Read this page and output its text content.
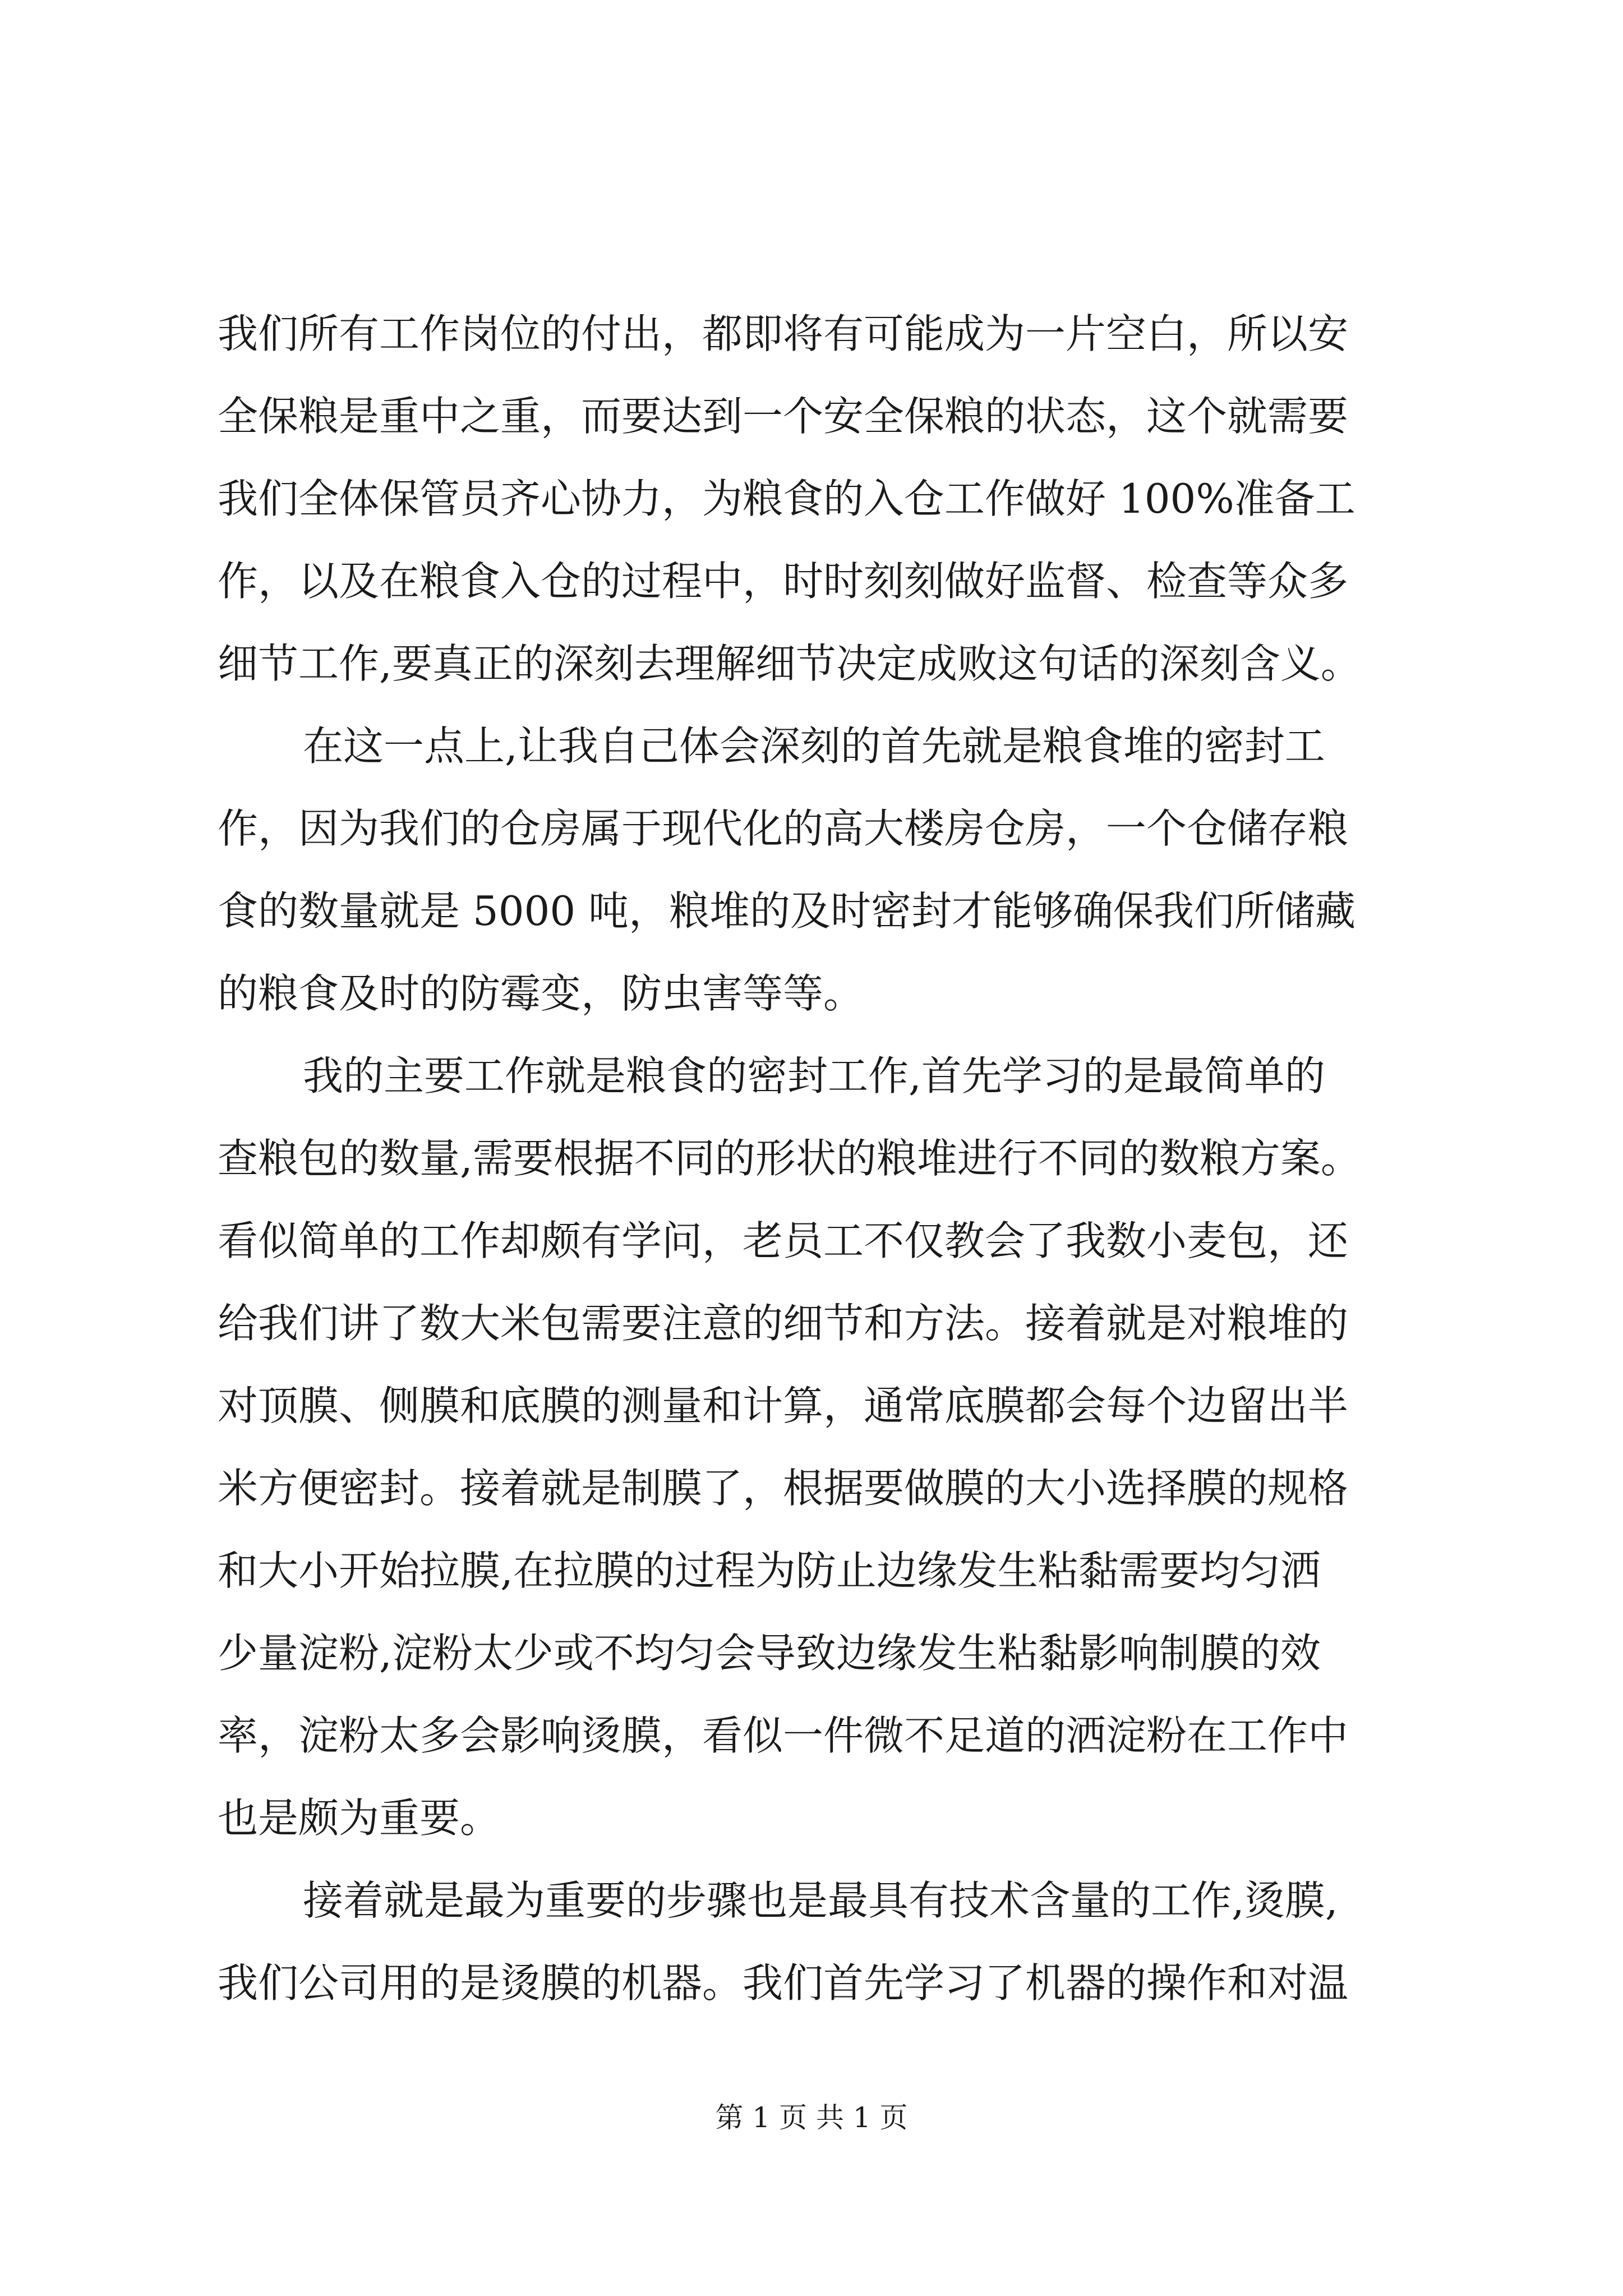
我们所有工作岗位的付出，都即将有可能成为一片空白，所以安
全保粮是重中之重，而要达到一个安全保粮的状态，这个就需要
我们全体保管员齐心协力，为粮食的入仓工作做好 100%准备工
作，以及在粮食入仓的过程中，时时刻刻做好监督、检查等众多
细节工作,要真正的深刻去理解细节决定成败这句话的深刻含义。
在这一点上,让我自己体会深刻的首先就是粮食堆的密封工
作，因为我们的仓房属于现代化的高大楼房仓房，一个仓储存粮
食的数量就是 5000 吨，粮堆的及时密封才能够确保我们所储藏
的粮食及时的防霉变，防虫害等等。
我的主要工作就是粮食的密封工作,首先学习的是最简单的
查粮包的数量,需要根据不同的形状的粮堆进行不同的数粮方案。
看似简单的工作却颇有学问，老员工不仅教会了我数小麦包，还
给我们讲了数大米包需要注意的细节和方法。接着就是对粮堆的
对顶膜、侧膜和底膜的测量和计算，通常底膜都会每个边留出半
米方便密封。接着就是制膜了，根据要做膜的大小选择膜的规格
和大小开始拉膜,在拉膜的过程为防止边缘发生粘黏需要均匀洒
少量淀粉,淀粉太少或不均匀会导致边缘发生粘黏影响制膜的效
率，淀粉太多会影响烫膜，看似一件微不足道的洒淀粉在工作中
也是颇为重要。
接着就是最为重要的步骤也是最具有技术含量的工作,烫膜,
我们公司用的是烫膜的机器。我们首先学习了机器的操作和对温
第 1 页 共 1 页
